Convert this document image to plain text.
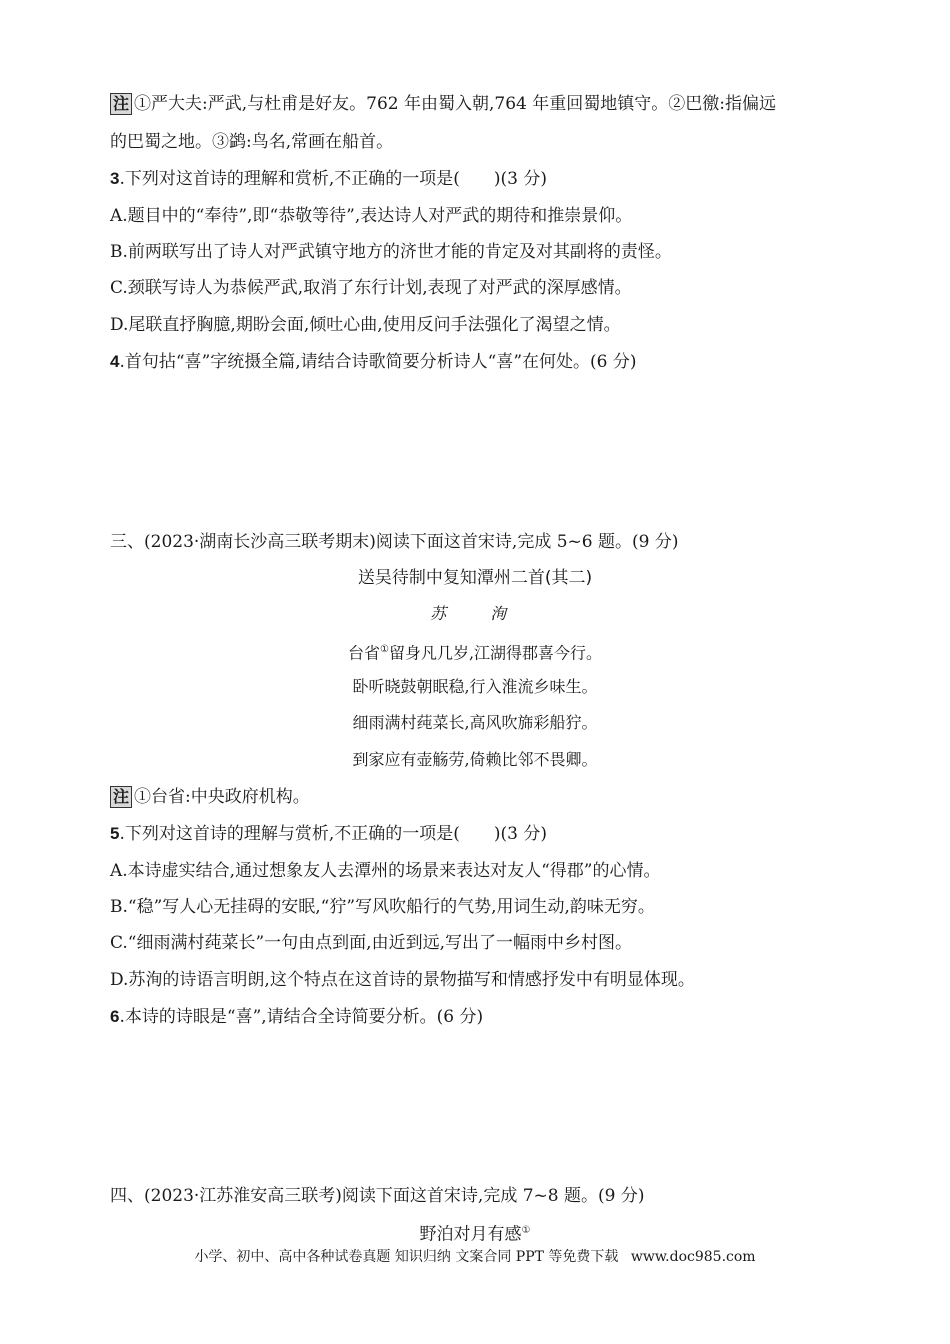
注 ①严大夫:严武,与杜甫是好友。762 年由蜀入朝,764 年重回蜀地镇守。②巴徼:指偏远
的巴蜀之地。③鹢:鸟名,常画在船首。
3.下列对这首诗的理解和赏析,不正确的一项是(　　)(3 分)
A.题目中的“奉待”,即“恭敬等待”,表达诗人对严武的期待和推崇景仰。
B.前两联写出了诗人对严武镇守地方的济世才能的肯定及对其副将的责怪。
C.颈联写诗人为恭候严武,取消了东行计划,表现了对严武的深厚感情。
D.尾联直抒胸臆,期盼会面,倾吐心曲,使用反问手法强化了渴望之情。
4.首句拈“喜”字统摄全篇,请结合诗歌简要分析诗人“喜”在何处。(6 分)
三、(2023·湖南长沙高三联考期末)阅读下面这首宋诗,完成 5~6 题。(9 分)
送吴待制中复知潭州二首(其二)
苏　洵
台省①留身凡几岁,江湖得郡喜今行。
卧听晓鼓朝眠稳,行入淮流乡味生。
细雨满村莼菜长,高风吹旆彩船狞。
到家应有壶觞劳,倚赖比邻不畏卿。
注 ①台省:中央政府机构。
5.下列对这首诗的理解与赏析,不正确的一项是(　　)(3 分)
A.本诗虚实结合,通过想象友人去潭州的场景来表达对友人“得郡”的心情。
B.“稳”写人心无挂碍的安眠,“狞”写风吹船行的气势,用词生动,韵味无穷。
C.“细雨满村莼菜长”一句由点到面,由近到远,写出了一幅雨中乡村图。
D.苏洵的诗语言明朗,这个特点在这首诗的景物描写和情感抒发中有明显体现。
6.本诗的诗眼是“喜”,请结合全诗简要分析。(6 分)
四、(2023·江苏淮安高三联考)阅读下面这首宋诗,完成 7~8 题。(9 分)
野泊对月有感①
小学、初中、高中各种试卷真题 知识归纳 文案合同 PPT 等免费下载 www.doc985.com
